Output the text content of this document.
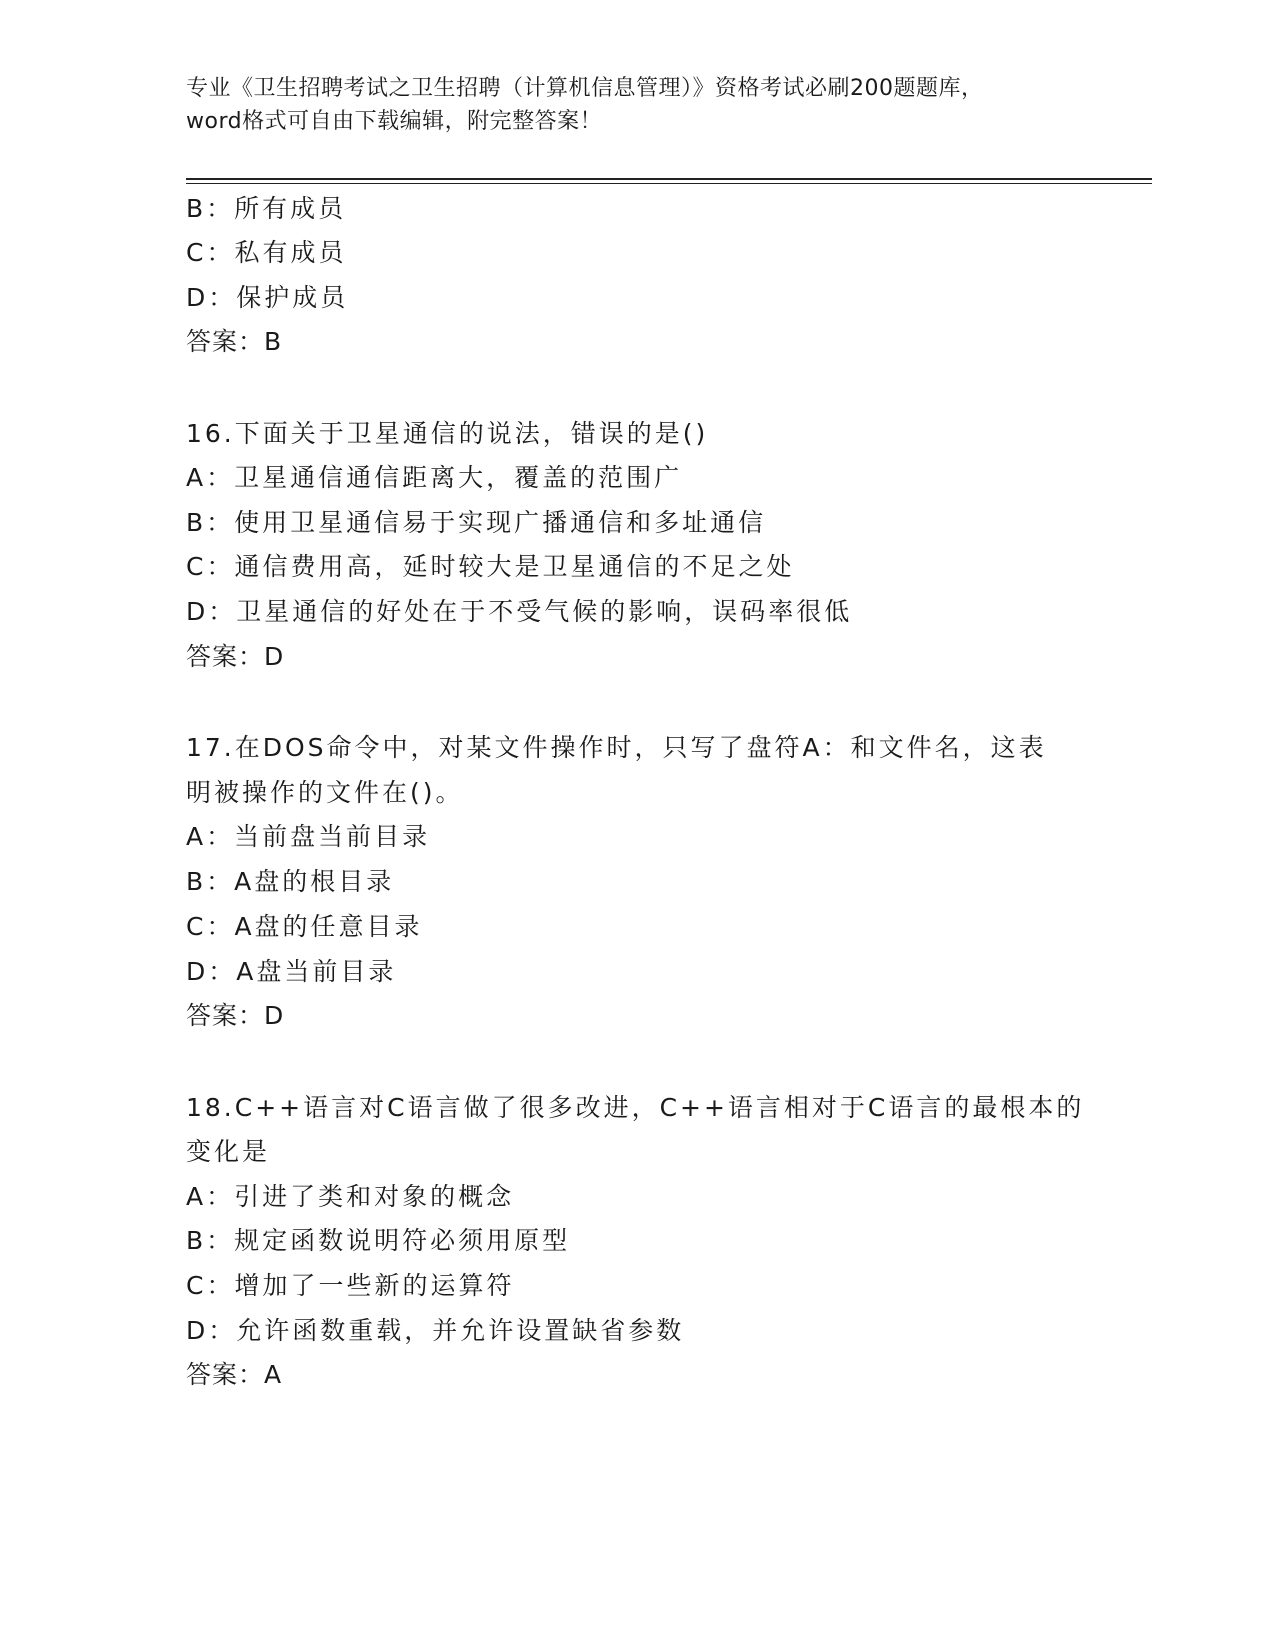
专业《卫生招聘考试之卫生招聘（计算机信息管理）》资格考试必刷200题题库，
word格式可自由下载编辑，附完整答案！
B：所有成员
C：私有成员
D：保护成员
答案：B
16.下面关于卫星通信的说法，错误的是()
A：卫星通信通信距离大，覆盖的范围广
B：使用卫星通信易于实现广播通信和多址通信
C：通信费用高，延时较大是卫星通信的不足之处
D：卫星通信的好处在于不受气候的影响，误码率很低
答案：D
17.在DOS命令中，对某文件操作时，只写了盘符A：和文件名，这表
明被操作的文件在()。
A：当前盘当前目录
B：A盘的根目录
C：A盘的任意目录
D：A盘当前目录
答案：D
18.C++语言对C语言做了很多改进，C++语言相对于C语言的最根本的
变化是
A：引进了类和对象的概念
B：规定函数说明符必须用原型
C：增加了一些新的运算符
D：允许函数重载，并允许设置缺省参数
答案：A
